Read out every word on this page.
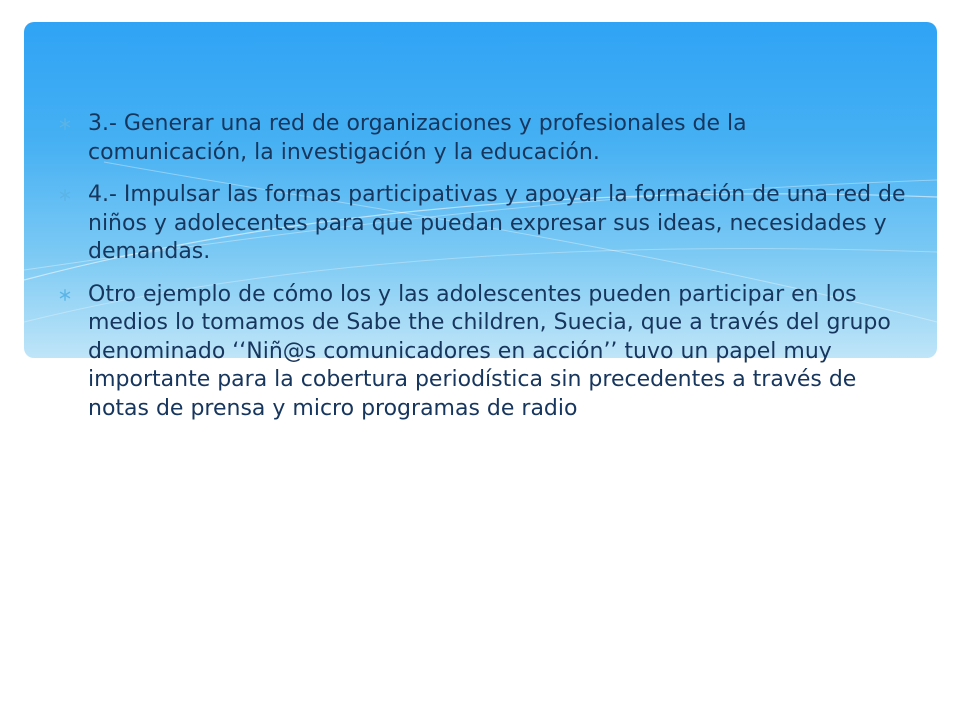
3.- Generar una red de organizaciones y profesionales de la comunicación, la investigación y la educación.
4.- Impulsar las formas participativas y apoyar la formación de una red de niños y adolecentes para que puedan expresar sus ideas, necesidades y demandas.
Otro ejemplo de cómo los y las adolescentes pueden participar en los medios lo tomamos de Sabe the children, Suecia, que a través del grupo denominado ‘‘Niñ@s comunicadores en acción’’ tuvo un papel muy importante para la cobertura periodística sin precedentes a través de notas de prensa y micro programas de radio
